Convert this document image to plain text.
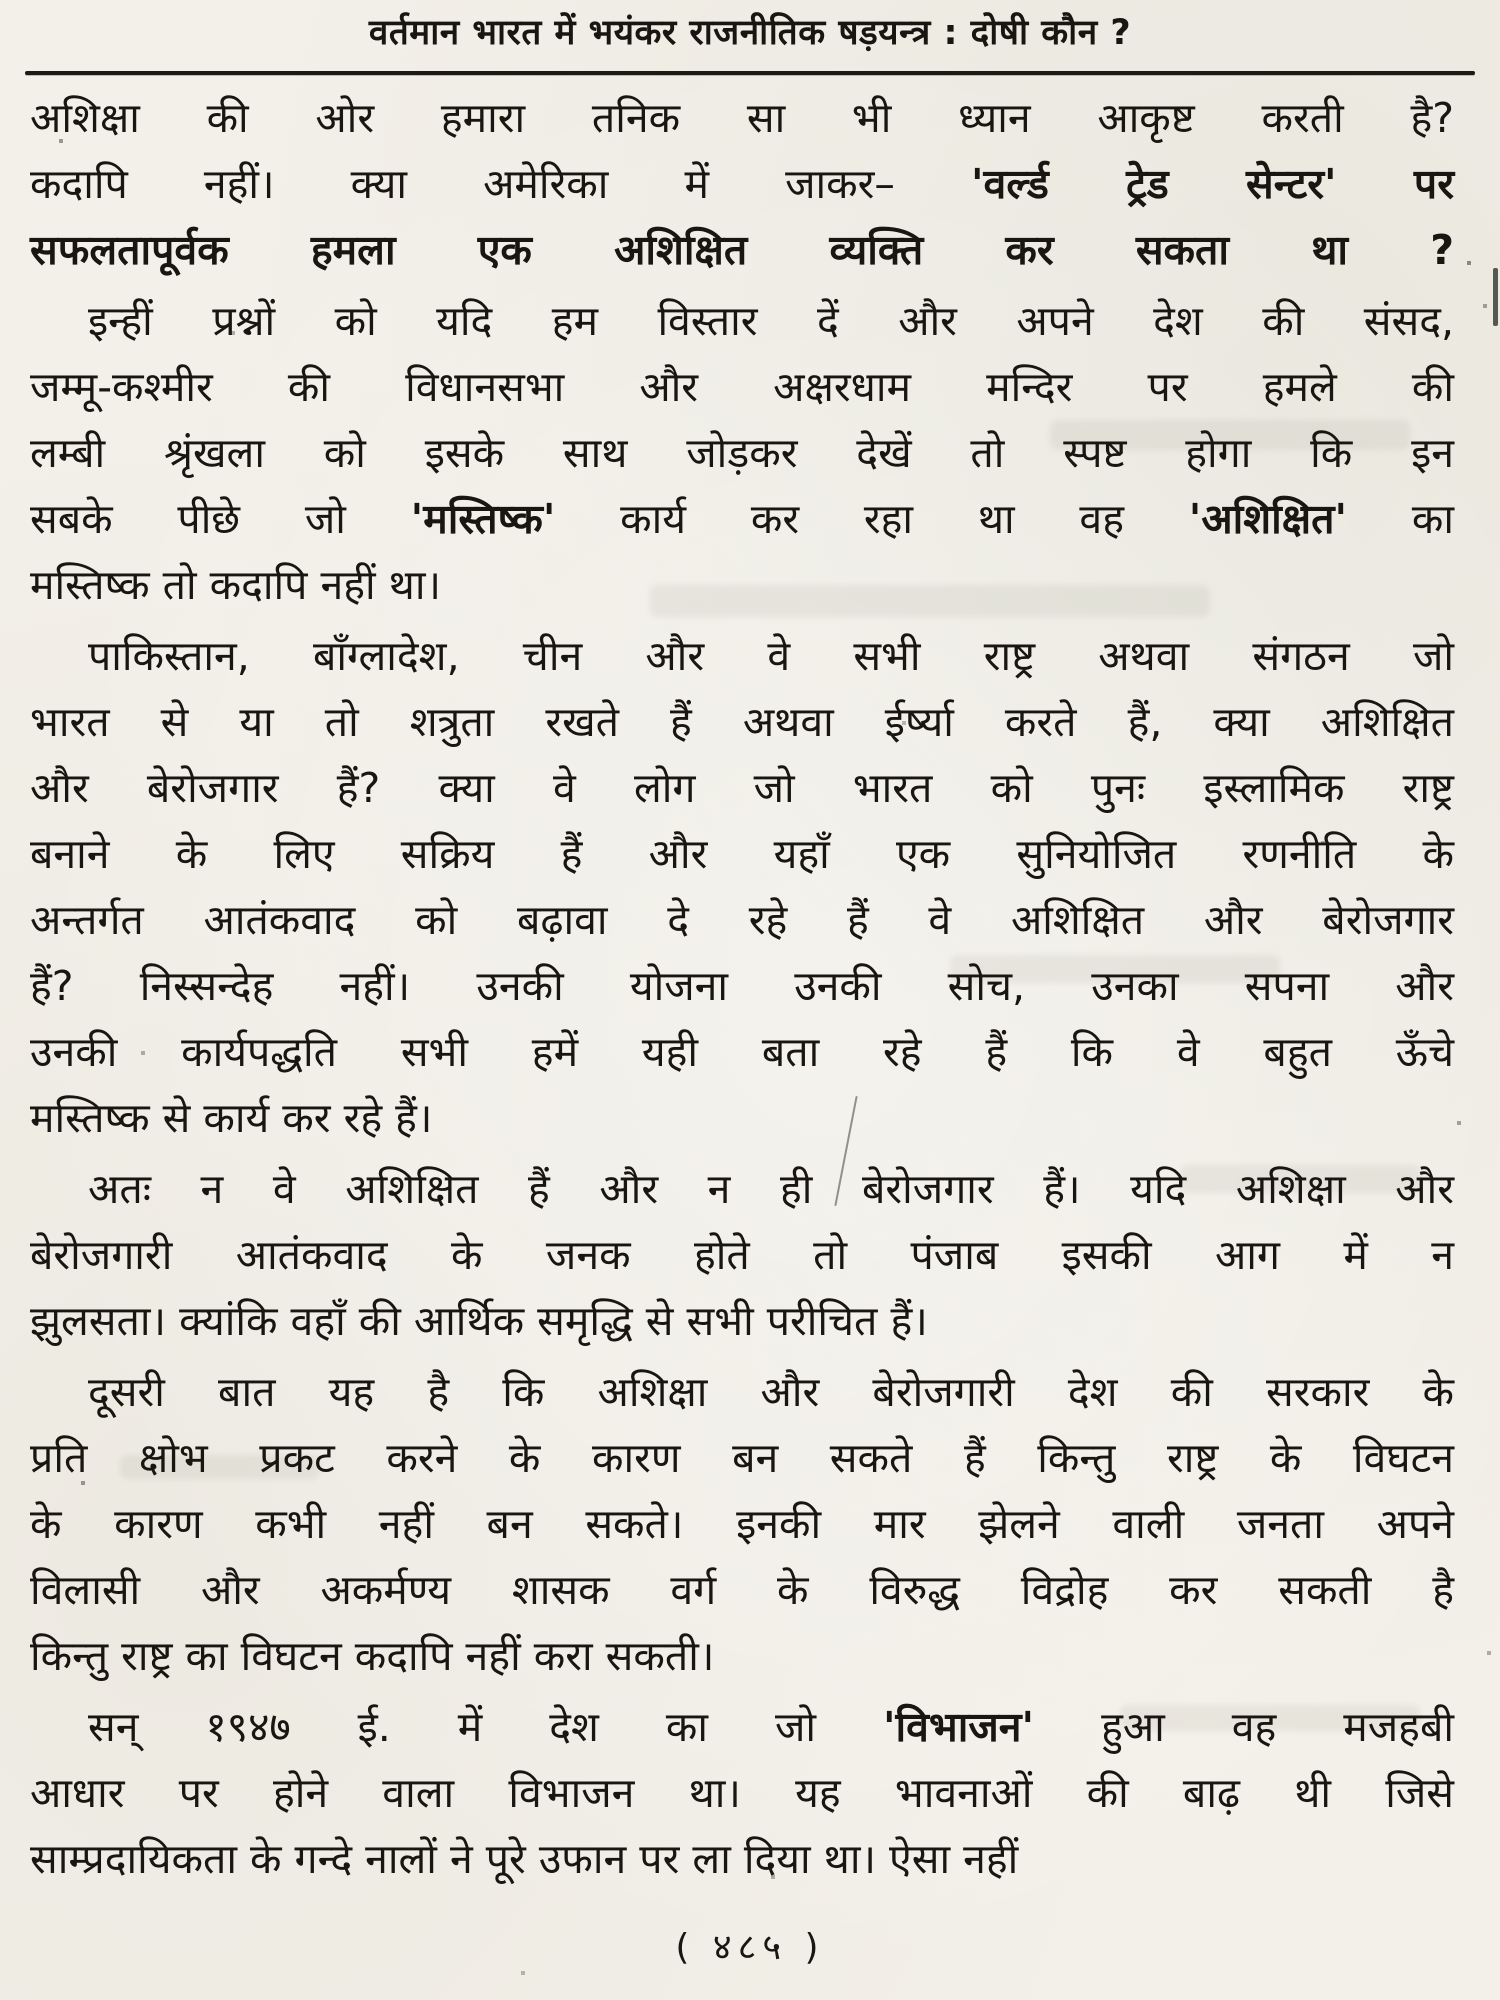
वर्तमान भारत में भयंकर राजनीतिक षड़यन्त्र : दोषी कौन ?
अशिक्षा की ओर हमारा तनिक सा भी ध्यान आकृष्ट करती है?
कदापि नहीं। क्या अमेरिका में जाकर– 'वर्ल्ड ट्रेड सेन्टर' पर
सफलतापूर्वक हमला एक अशिक्षित व्यक्ति कर सकता था ?
इन्हीं प्रश्नों को यदि हम विस्तार दें और अपने देश की संसद,
जम्मू-कश्मीर की विधानसभा और अक्षरधाम मन्दिर पर हमले की
लम्बी श्रृंखला को इसके साथ जोड़कर देखें तो स्पष्ट होगा कि इन
सबके पीछे जो 'मस्तिष्क' कार्य कर रहा था वह 'अशिक्षित' का
मस्तिष्क तो कदापि नहीं था।
पाकिस्तान, बाँग्लादेश, चीन और वे सभी राष्ट्र अथवा संगठन जो
भारत से या तो शत्रुता रखते हैं अथवा ईर्ष्या करते हैं, क्या अशिक्षित
और बेरोजगार हैं? क्या वे लोग जो भारत को पुनः इस्लामिक राष्ट्र
बनाने के लिए सक्रिय हैं और यहाँ एक सुनियोजित रणनीति के
अन्तर्गत आतंकवाद को बढ़ावा दे रहे हैं वे अशिक्षित और बेरोजगार
हैं? निस्सन्देह नहीं। उनकी योजना उनकी सोच, उनका सपना और
उनकी कार्यपद्धति सभी हमें यही बता रहे हैं कि वे बहुत ऊँचे
मस्तिष्क से कार्य कर रहे हैं।
अतः न वे अशिक्षित हैं और न ही बेरोजगार हैं। यदि अशिक्षा और
बेरोजगारी आतंकवाद के जनक होते तो पंजाब इसकी आग में न
झुलसता। क्यांकि वहाँ की आर्थिक समृद्धि से सभी परीचित हैं।
दूसरी बात यह है कि अशिक्षा और बेरोजगारी देश की सरकार के
प्रति क्षोभ प्रकट करने के कारण बन सकते हैं किन्तु राष्ट्र के विघटन
के कारण कभी नहीं बन सकते। इनकी मार झेलने वाली जनता अपने
विलासी और अकर्मण्य शासक वर्ग के विरुद्ध विद्रोह कर सकती है
किन्तु राष्ट्र का विघटन कदापि नहीं करा सकती।
सन् १९४७ ई. में देश का जो 'विभाजन' हुआ वह मजहबी
आधार पर होने वाला विभाजन था। यह भावनाओं की बाढ़ थी जिसे
साम्प्रदायिकता के गन्दे नालों ने पूरे उफान पर ला दिया था। ऐसा नहीं
( ४८५ )
